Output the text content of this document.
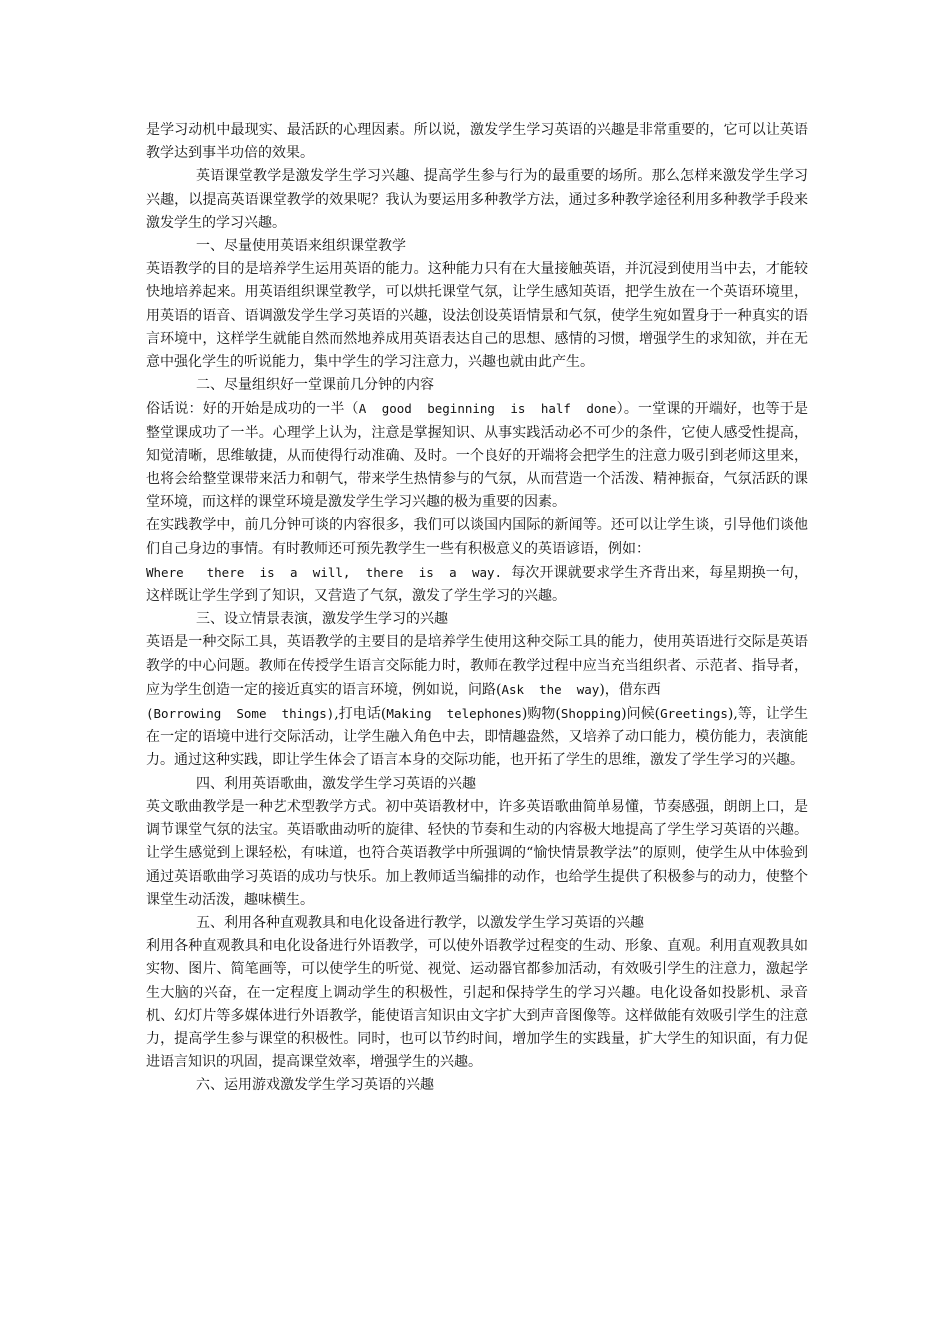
是学习动机中最现实、最活跃的心理因素。所以说，激发学生学习英语的兴趣是非常重要的，它可以让英语教学达到事半功倍的效果。

英语课堂教学是激发学生学习兴趣、提高学生参与行为的最重要的场所。那么怎样来激发学生学习兴趣，以提高英语课堂教学的效果呢？我认为要运用多种教学方法，通过多种教学途径利用多种教学手段来激发学生的学习兴趣。

一、尽量使用英语来组织课堂教学

英语教学的目的是培养学生运用英语的能力。这种能力只有在大量接触英语，并沉浸到使用当中去，才能较快地培养起来。用英语组织课堂教学，可以烘托课堂气氛，让学生感知英语，把学生放在一个英语环境里，用英语的语音、语调激发学生学习英语的兴趣，设法创设英语情景和气氛，使学生宛如置身于一种真实的语言环境中，这样学生就能自然而然地养成用英语表达自己的思想、感情的习惯，增强学生的求知欲，并在无意中强化学生的听说能力，集中学生的学习注意力，兴趣也就由此产生。

二、尽量组织好一堂课前几分钟的内容

俗话说：好的开始是成功的一半（A  good  beginning  is  half  done）。一堂课的开端好，也等于是整堂课成功了一半。心理学上认为，注意是掌握知识、从事实践活动必不可少的条件，它使人感受性提高，知觉清晰，思维敏捷，从而使得行动准确、及时。一个良好的开端将会把学生的注意力吸引到老师这里来，也将会给整堂课带来活力和朝气，带来学生热情参与的气氛，从而营造一个活泼、精神振奋，气氛活跃的课堂环境，而这样的课堂环境是激发学生学习兴趣的极为重要的因素。

在实践教学中，前几分钟可谈的内容很多，我们可以谈国内国际的新闻等。还可以让学生谈，引导他们谈他们自己身边的事情。有时教师还可预先教学生一些有积极意义的英语谚语，例如：

Where   there  is  a  will,  there  is  a  way.  每次开课就要求学生齐背出来，每星期换一句，这样既让学生学到了知识，又营造了气氛，激发了学生学习的兴趣。

三、设立情景表演，激发学生学习的兴趣

英语是一种交际工具，英语教学的主要目的是培养学生使用这种交际工具的能力，使用英语进行交际是英语教学的中心问题。教师在传授学生语言交际能力时，教师在教学过程中应当充当组织者、示范者、指导者，应为学生创造一定的接近真实的语言环境，例如说，问路(Ask  the  way)，借东西
(Borrowing  Some  things),打电话(Making  telephones)购物(Shopping)问候(Greetings),等，让学生在一定的语境中进行交际活动，让学生融入角色中去，即情趣盎然，又培养了动口能力，模仿能力，表演能力。通过这种实践，即让学生体会了语言本身的交际功能，也开拓了学生的思维，激发了学生学习的兴趣。

四、利用英语歌曲，激发学生学习英语的兴趣

英文歌曲教学是一种艺术型教学方式。初中英语教材中，许多英语歌曲简单易懂，节奏感强，朗朗上口，是调节课堂气氛的法宝。英语歌曲动听的旋律、轻快的节奏和生动的内容极大地提高了学生学习英语的兴趣。让学生感觉到上课轻松，有味道，也符合英语教学中所强调的“愉快情景教学法”的原则，使学生从中体验到通过英语歌曲学习英语的成功与快乐。加上教师适当编排的动作，也给学生提供了积极参与的动力，使整个课堂生动活泼，趣味横生。

五、利用各种直观教具和电化设备进行教学，以激发学生学习英语的兴趣

利用各种直观教具和电化设备进行外语教学，可以使外语教学过程变的生动、形象、直观。利用直观教具如实物、图片、简笔画等，可以使学生的听觉、视觉、运动器官都参加活动，有效吸引学生的注意力，激起学生大脑的兴奋，在一定程度上调动学生的积极性，引起和保持学生的学习兴趣。电化设备如投影机、录音机、幻灯片等多媒体进行外语教学，能使语言知识由文字扩大到声音图像等。这样做能有效吸引学生的注意力，提高学生参与课堂的积极性。同时，也可以节约时间，增加学生的实践量，扩大学生的知识面，有力促进语言知识的巩固，提高课堂效率，增强学生的兴趣。

六、运用游戏激发学生学习英语的兴趣
